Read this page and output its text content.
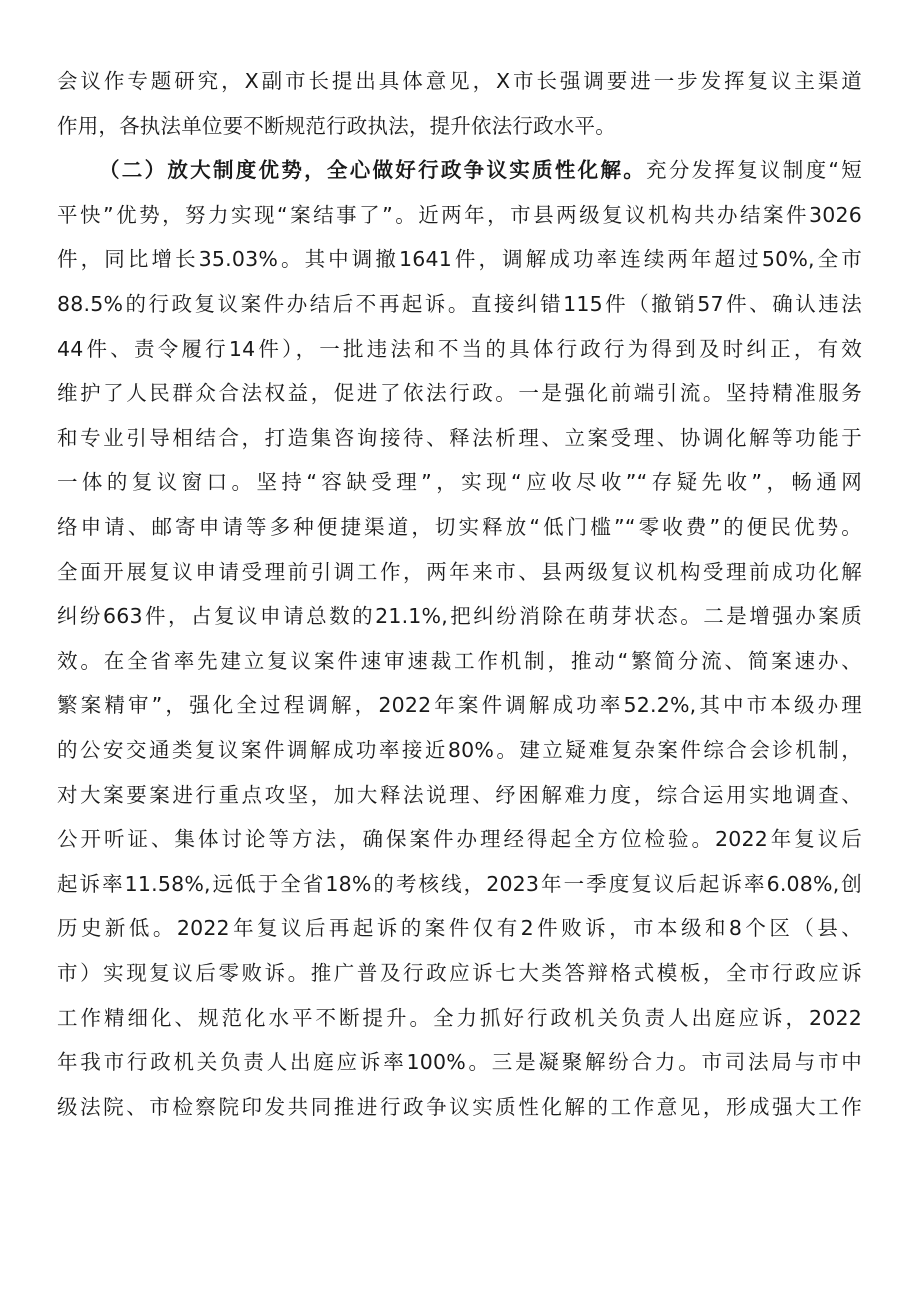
会议作专题研究，X副市长提出具体意见，X市长强调要进一步发挥复议主渠道
作用，各执法单位要不断规范行政执法，提升依法行政水平。
（二）放大制度优势，全心做好行政争议实质性化解。充分发挥复议制度“短
平快”优势，努力实现“案结事了”。近两年，市县两级复议机构共办结案件3026
件，同比增长35.03%。其中调撤1641件，调解成功率连续两年超过50%,全市
88.5%的行政复议案件办结后不再起诉。直接纠错115件（撤销57件、确认违法
44件、责令履行14件），一批违法和不当的具体行政行为得到及时纠正，有效
维护了人民群众合法权益，促进了依法行政。一是强化前端引流。坚持精准服务
和专业引导相结合，打造集咨询接待、释法析理、立案受理、协调化解等功能于
一体的复议窗口。坚持“容缺受理”，实现“应收尽收”“存疑先收”，畅通网
络申请、邮寄申请等多种便捷渠道，切实释放“低门槛”“零收费”的便民优势。
全面开展复议申请受理前引调工作，两年来市、县两级复议机构受理前成功化解
纠纷663件，占复议申请总数的21.1%,把纠纷消除在萌芽状态。二是增强办案质
效。在全省率先建立复议案件速审速裁工作机制，推动“繁简分流、简案速办、
繁案精审”，强化全过程调解，2022年案件调解成功率52.2%,其中市本级办理
的公安交通类复议案件调解成功率接近80%。建立疑难复杂案件综合会诊机制，
对大案要案进行重点攻坚，加大释法说理、纾困解难力度，综合运用实地调查、
公开听证、集体讨论等方法，确保案件办理经得起全方位检验。2022年复议后
起诉率11.58%,远低于全省18%的考核线，2023年一季度复议后起诉率6.08%,创
历史新低。2022年复议后再起诉的案件仅有2件败诉，市本级和8个区（县、
市）实现复议后零败诉。推广普及行政应诉七大类答辩格式模板，全市行政应诉
工作精细化、规范化水平不断提升。全力抓好行政机关负责人出庭应诉，2022
年我市行政机关负责人出庭应诉率100%。三是凝聚解纷合力。市司法局与市中
级法院、市检察院印发共同推进行政争议实质性化解的工作意见，形成强大工作
